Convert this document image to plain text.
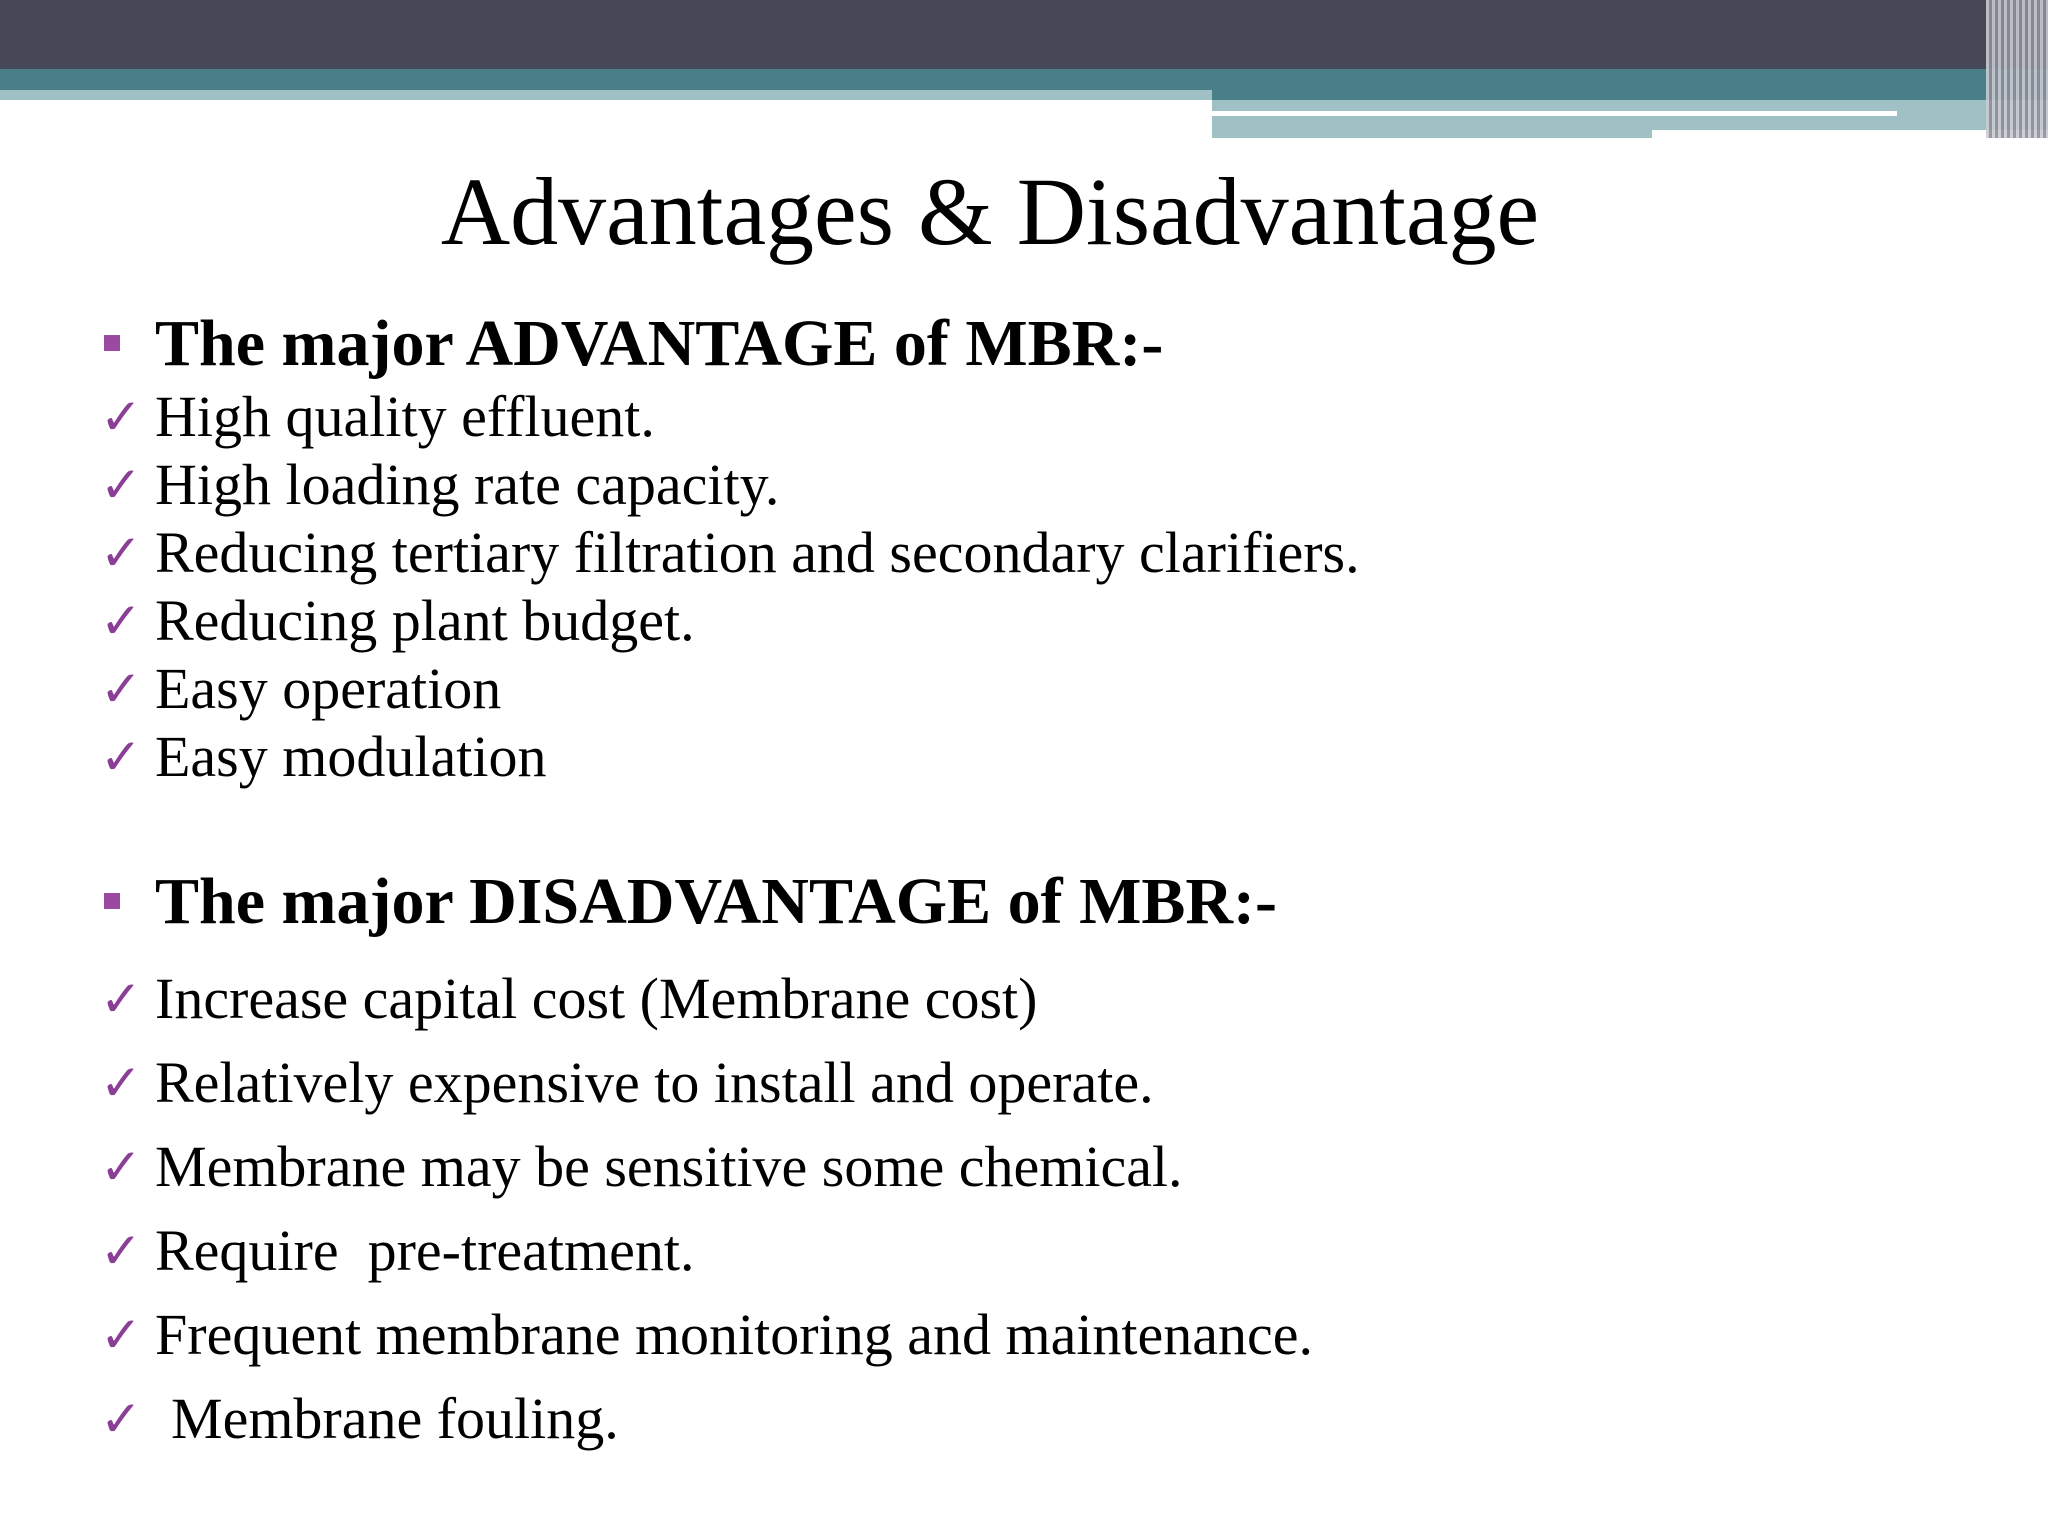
Advantages & Disadvantage
The major ADVANTAGE of MBR:-
✓ High quality effluent.
✓ High loading rate capacity.
✓ Reducing tertiary filtration and secondary clarifiers.
✓ Reducing plant budget.
✓ Easy operation
✓ Easy modulation
The major DISADVANTAGE of MBR:-
✓ Increase capital cost (Membrane cost)
✓ Relatively expensive to install and operate.
✓ Membrane may be sensitive some chemical.
✓ Require  pre-treatment.
✓ Frequent membrane monitoring and maintenance.
✓ Membrane fouling.
